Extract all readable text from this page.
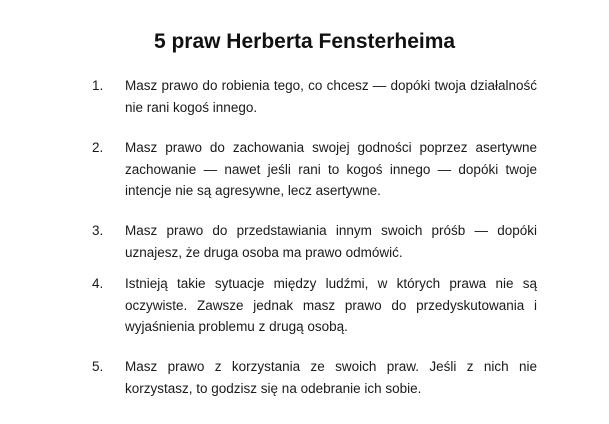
5 praw Herberta Fensterheima
1. Masz prawo do robienia tego, co chcesz — dopóki twoja działalność nie rani kogoś innego.
2. Masz prawo do zachowania swojej godności poprzez asertywne zachowanie — nawet jeśli rani to kogoś innego — dopóki twoje intencje nie są agresywne, lecz asertywne.
3. Masz prawo do przedstawiania innym swoich próśb — dopóki uznajesz, że druga osoba ma prawo odmówić.
4. Istnieją takie sytuacje między ludźmi, w których prawa nie są oczywiste. Zawsze jednak masz prawo do przedyskutowania i wyjaśnienia problemu z drugą osobą.
5. Masz prawo z korzystania ze swoich praw. Jeśli z nich nie korzystasz, to godzisz się na odebranie ich sobie.
